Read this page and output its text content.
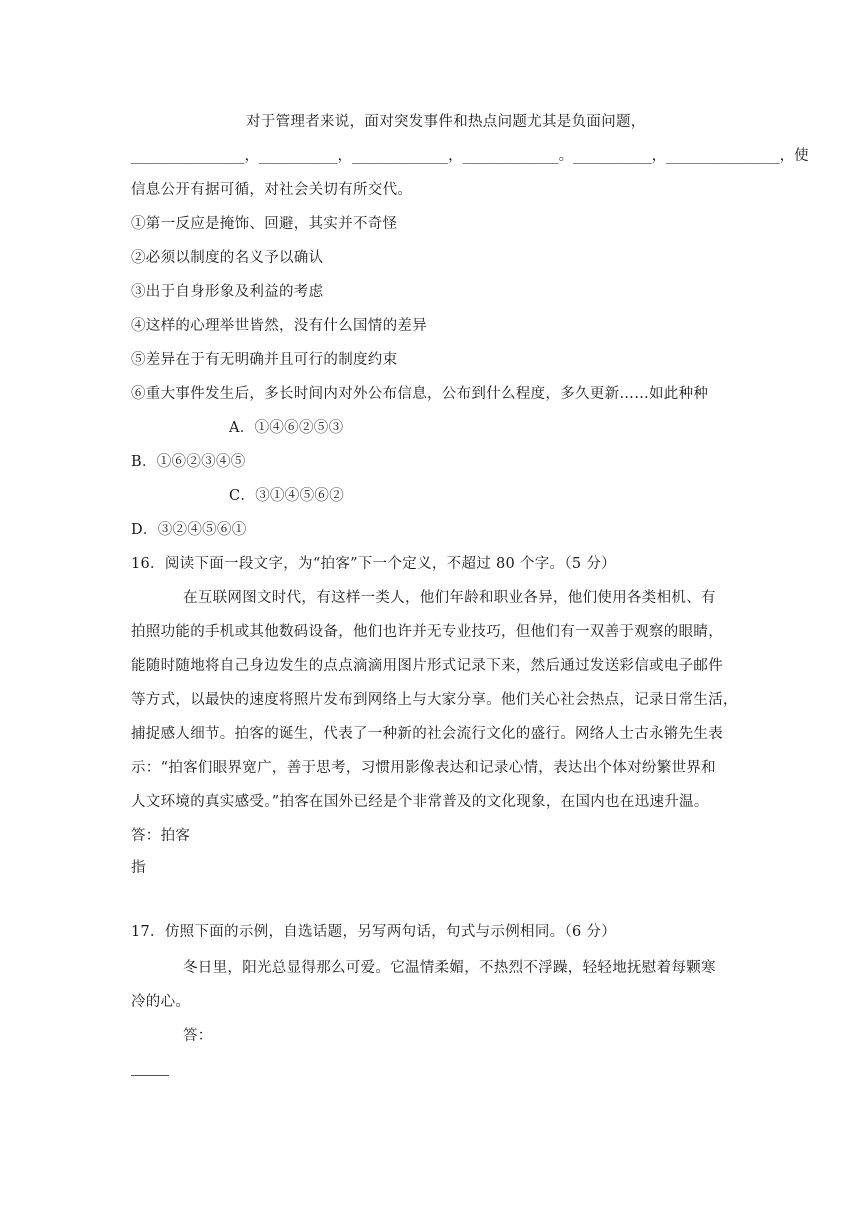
对于管理者来说，面对突发事件和热点问题尤其是负面问题，
_____________，_________，___________，___________。_________，_____________，使
信息公开有据可循，对社会关切有所交代。
①第一反应是掩饰、回避，其实并不奇怪
②必须以制度的名义予以确认
③出于自身形象及利益的考虑
④这样的心理举世皆然，没有什么国情的差异
⑤差异在于有无明确并且可行的制度约束
⑥重大事件发生后，多长时间内对外公布信息，公布到什么程度，多久更新……如此种种
A．①④⑥②⑤③
B．①⑥②③④⑤
C．③①④⑤⑥②
D．③②④⑤⑥①
16．阅读下面一段文字，为“拍客”下一个定义，不超过 80 个字。（5 分）
在互联网图文时代，有这样一类人，他们年龄和职业各异，他们使用各类相机、有
拍照功能的手机或其他数码设备，他们也许并无专业技巧，但他们有一双善于观察的眼睛，
能随时随地将自己身边发生的点点滴滴用图片形式记录下来，然后通过发送彩信或电子邮件
等方式，以最快的速度将照片发布到网络上与大家分享。他们关心社会热点，记录日常生活，
捕捉感人细节。拍客的诞生，代表了一种新的社会流行文化的盛行。网络人士古永锵先生表
示：“拍客们眼界宽广，善于思考，习惯用影像表达和记录心情，表达出个体对纷繁世界和
人文环境的真实感受。”拍客在国外已经是个非常普及的文化现象，在国内也在迅速升温。
答：拍客
指
17．仿照下面的示例，自选话题，另写两句话，句式与示例相同。（6 分）
冬日里，阳光总显得那么可爱。它温情柔媚，不热烈不浮躁，轻轻地抚慰着每颗寒
冷的心。
答：
